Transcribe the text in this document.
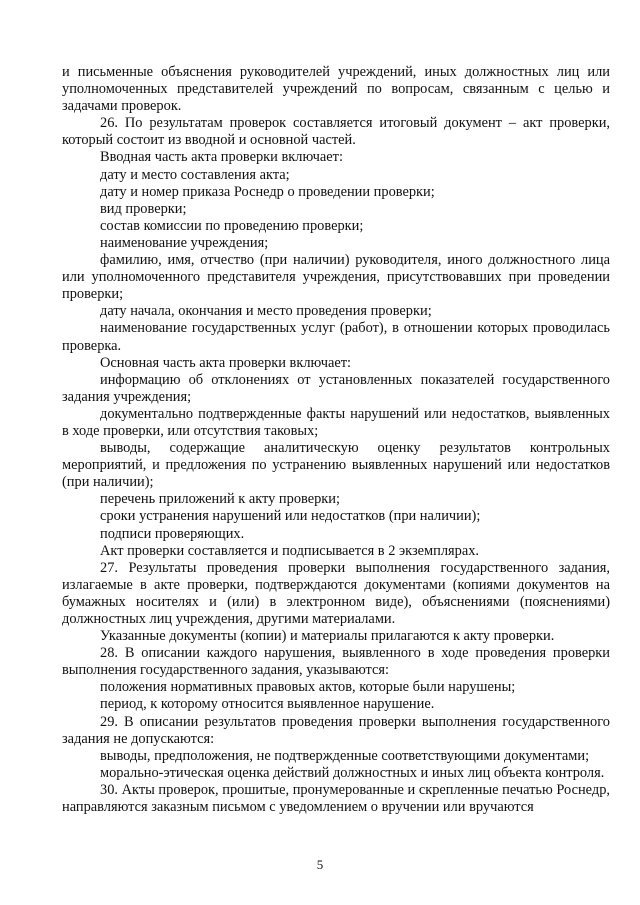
и письменные объяснения руководителей учреждений, иных должностных лиц или уполномоченных представителей учреждений по вопросам, связанным с целью и задачами проверок.

26. По результатам проверок составляется итоговый документ – акт проверки, который состоит из вводной и основной частей.

Вводная часть акта проверки включает:

дату и место составления акта;

дату и номер приказа Роснедр о проведении проверки;

вид проверки;

состав комиссии по проведению проверки;

наименование учреждения;

фамилию, имя, отчество (при наличии) руководителя, иного должностного лица или уполномоченного представителя учреждения, присутствовавших при проведении проверки;

дату начала, окончания и место проведения проверки;

наименование государственных услуг (работ), в отношении которых проводилась проверка.

Основная часть акта проверки включает:

информацию об отклонениях от установленных показателей государственного задания учреждения;

документально подтвержденные факты нарушений или недостатков, выявленных в ходе проверки, или отсутствия таковых;

выводы, содержащие аналитическую оценку результатов контрольных мероприятий, и предложения по устранению выявленных нарушений или недостатков (при наличии);

перечень приложений к акту проверки;

сроки устранения нарушений или недостатков (при наличии);

подписи проверяющих.

Акт проверки составляется и подписывается в 2 экземплярах.

27. Результаты проведения проверки выполнения государственного задания, излагаемые в акте проверки, подтверждаются документами (копиями документов на бумажных носителях и (или) в электронном виде), объяснениями (пояснениями) должностных лиц учреждения, другими материалами.

Указанные документы (копии) и материалы прилагаются к акту проверки.

28. В описании каждого нарушения, выявленного в ходе проведения проверки выполнения государственного задания, указываются:

положения нормативных правовых актов, которые были нарушены;

период, к которому относится выявленное нарушение.

29. В описании результатов проведения проверки выполнения государственного задания не допускаются:

выводы, предположения, не подтвержденные соответствующими документами;

морально-этическая оценка действий должностных и иных лиц объекта контроля.

30. Акты проверок, прошитые, пронумерованные и скрепленные печатью Роснедр, направляются заказным письмом с уведомлением о вручении или вручаются

5
